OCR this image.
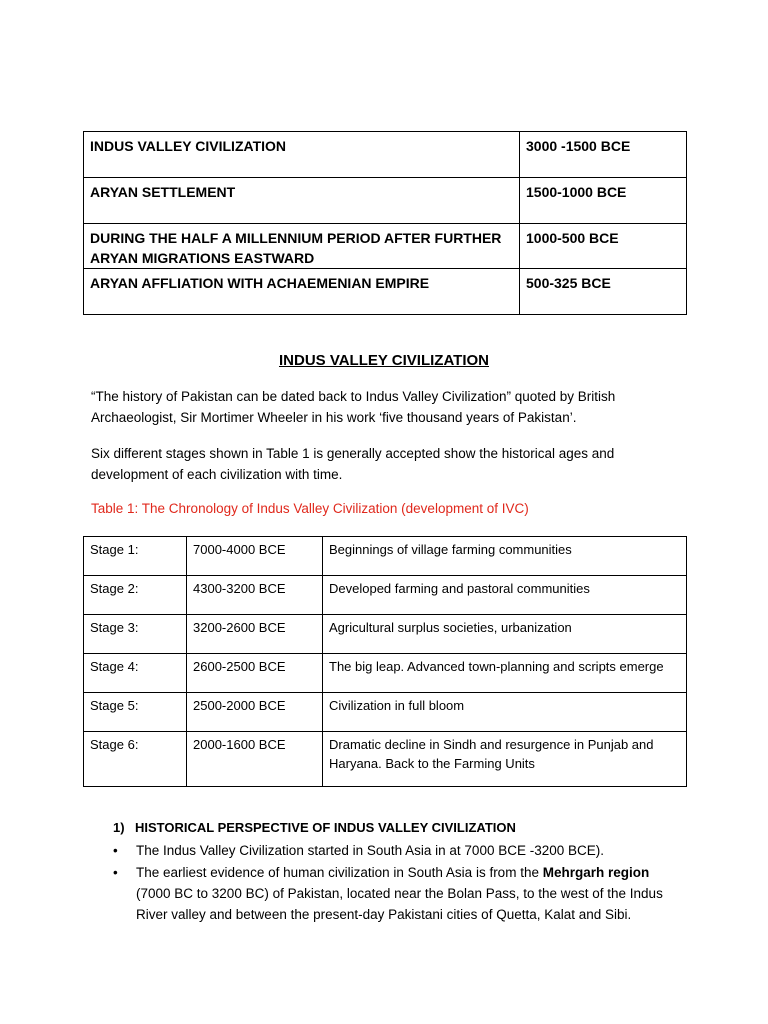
INDUS VALLEY CIVILIZATION	3000 -1500 BCE
ARYAN SETTLEMENT	1500-1000 BCE
DURING THE HALF A MILLENNIUM PERIOD AFTER FURTHER ARYAN MIGRATIONS EASTWARD	1000-500 BCE
ARYAN AFFLIATION WITH ACHAEMENIAN EMPIRE	500-325 BCE
INDUS VALLEY CIVILIZATION
“The history of Pakistan can be dated back to Indus Valley Civilization” quoted by British Archaeologist, Sir Mortimer Wheeler in his work ‘five thousand years of Pakistan’.
Six different stages shown in Table 1 is generally accepted show the historical ages and development of each civilization with time.
Table 1: The Chronology of Indus Valley Civilization (development of IVC)
Stage 1:	7000-4000 BCE	Beginnings of village farming communities
Stage 2:	4300-3200 BCE	Developed farming and pastoral communities
Stage 3:	3200-2600 BCE	Agricultural surplus societies, urbanization
Stage 4:	2600-2500 BCE	The big leap. Advanced town-planning and scripts emerge
Stage 5:	2500-2000 BCE	Civilization in full bloom
Stage 6:	2000-1600 BCE	Dramatic decline in Sindh and resurgence in Punjab and Haryana. Back to the Farming Units
1) HISTORICAL PERSPECTIVE OF INDUS VALLEY CIVILIZATION
• The Indus Valley Civilization started in South Asia in at 7000 BCE -3200 BCE).
• The earliest evidence of human civilization in South Asia is from the Mehrgarh region (7000 BC to 3200 BC) of Pakistan, located near the Bolan Pass, to the west of the Indus River valley and between the present-day Pakistani cities of Quetta, Kalat and Sibi.
